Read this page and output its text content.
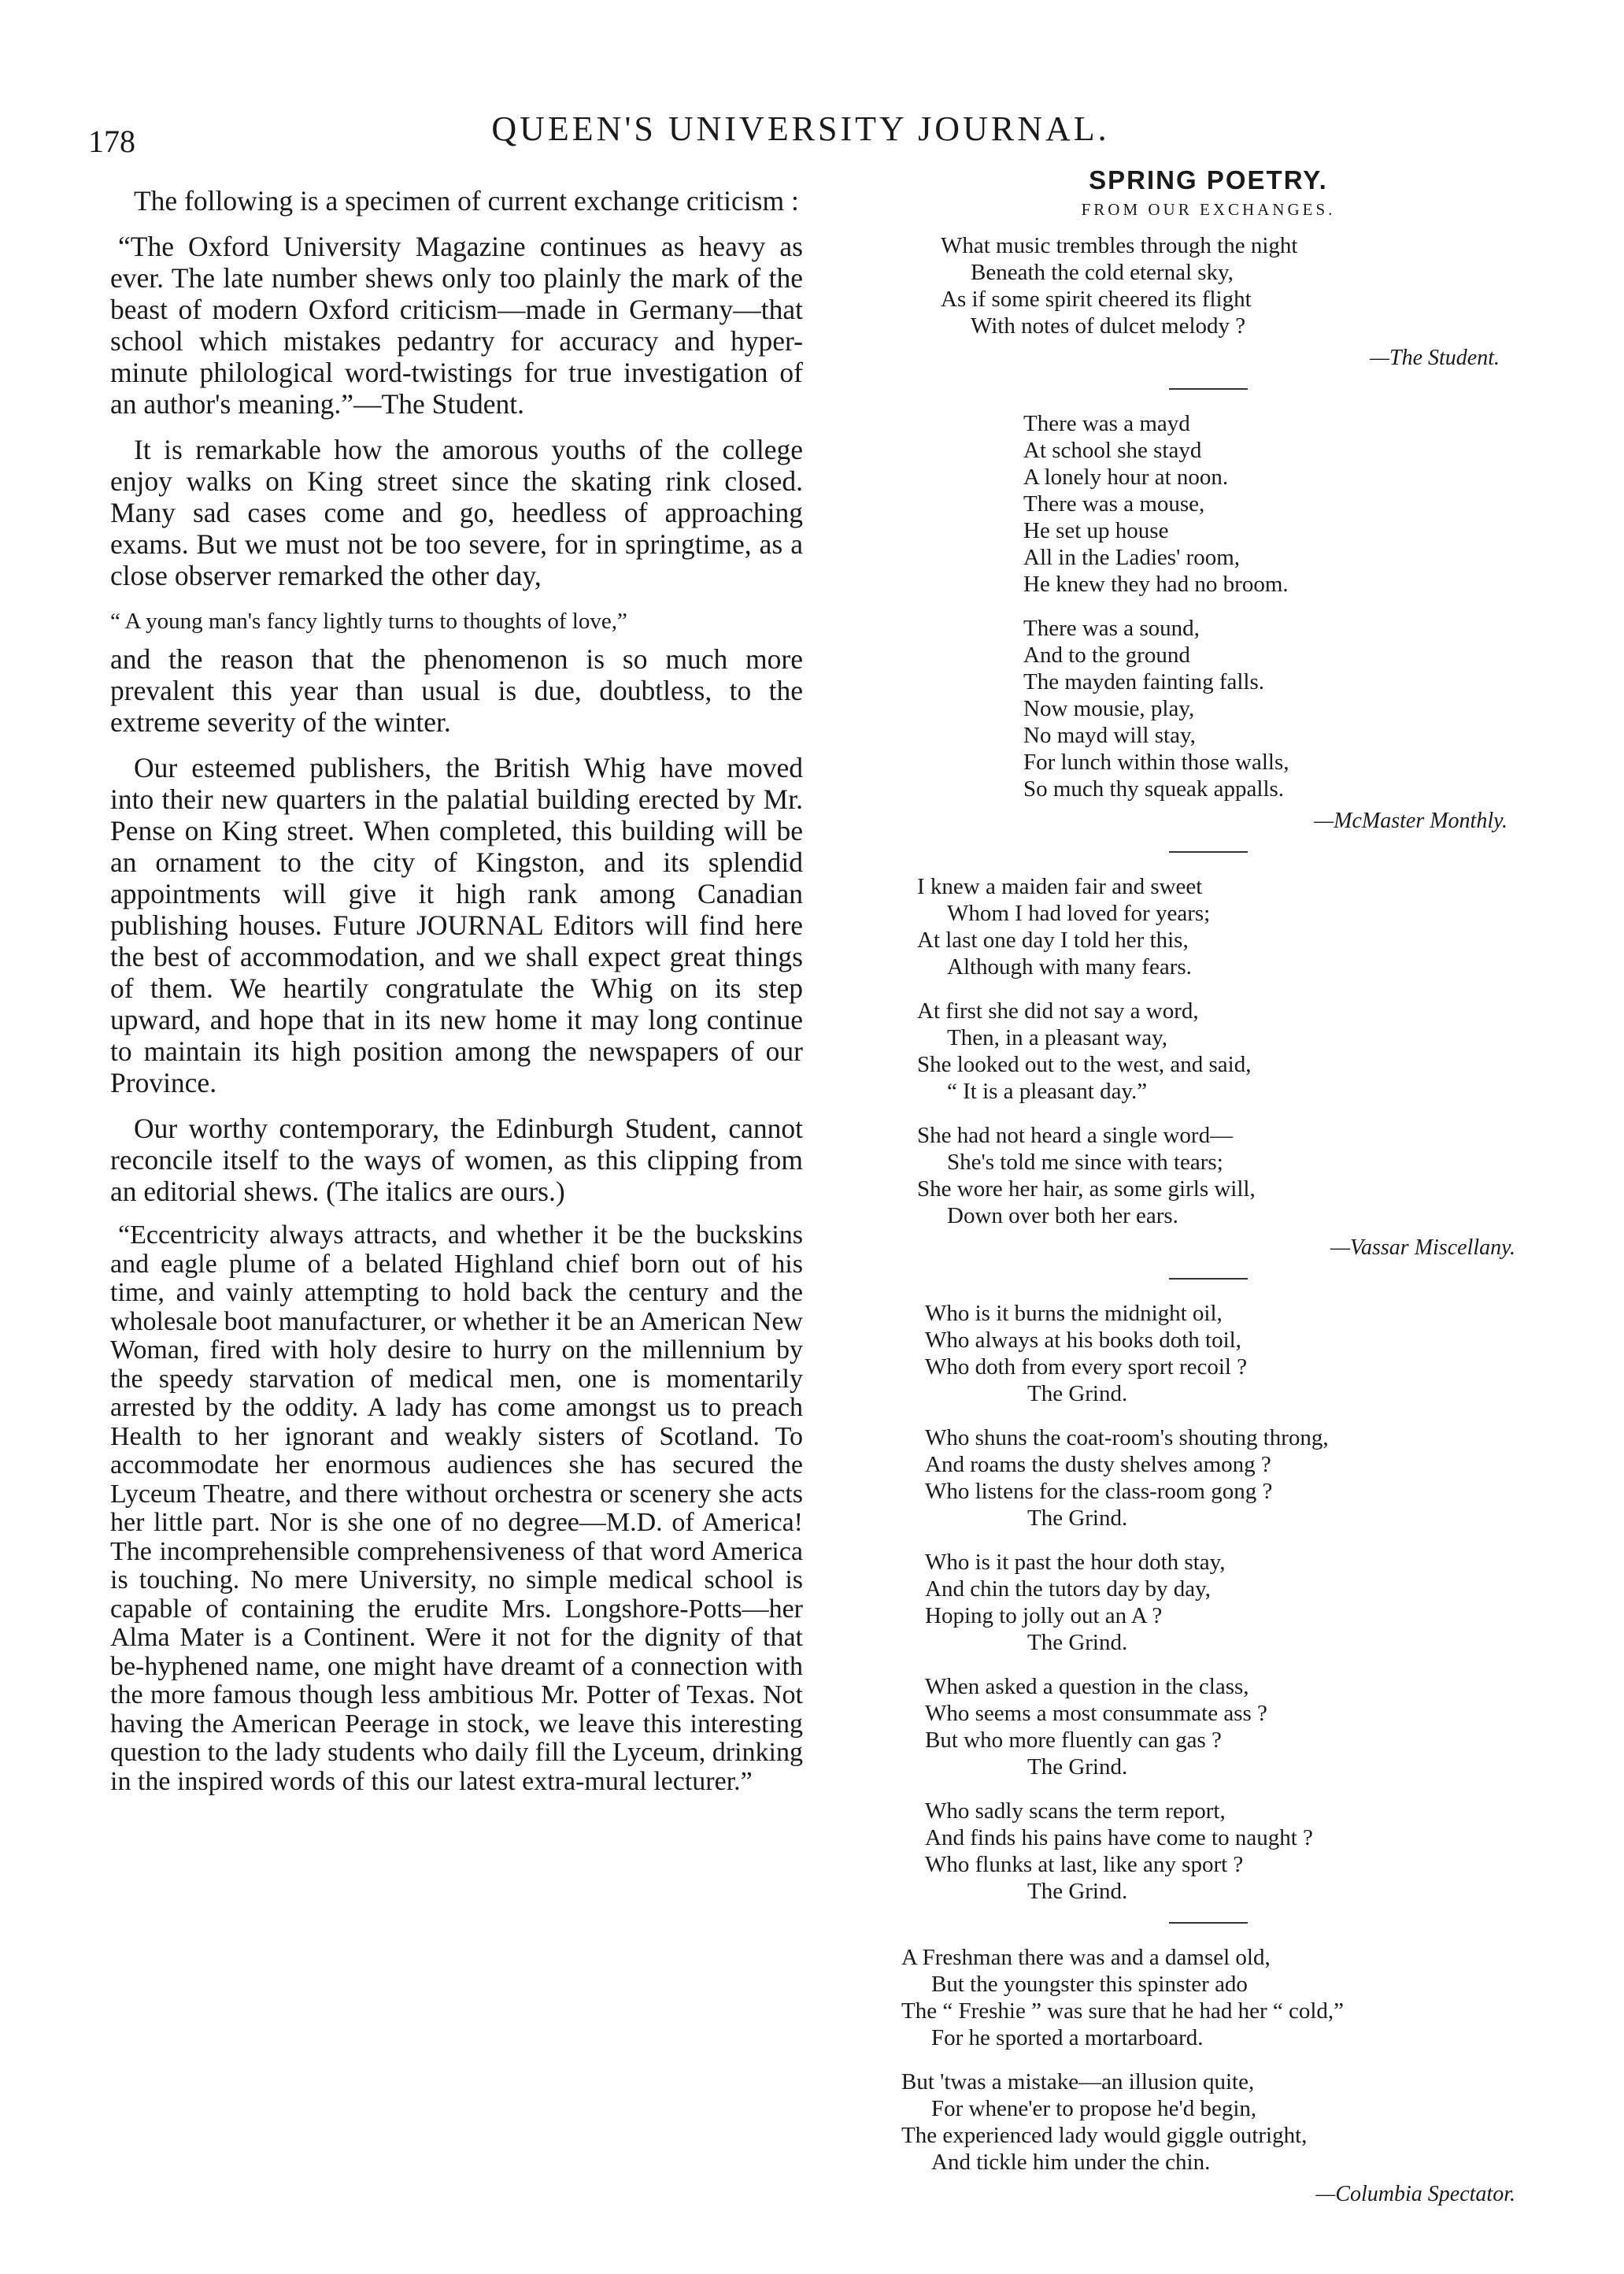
178	QUEEN'S UNIVERSITY JOURNAL.

The following is a specimen of current exchange criticism :

“The Oxford University Magazine continues as heavy as ever. The late number shews only too plainly the mark of the beast of modern Oxford criticism—made in Germany—that school which mistakes pedantry for accuracy and hyper-minute philological word-twistings for true investigation of an author's meaning.”—The Student.

It is remarkable how the amorous youths of the college enjoy walks on King street since the skating rink closed. Many sad cases come and go, heedless of approaching exams. But we must not be too severe, for in springtime, as a close observer remarked the other day,

“ A young man's fancy lightly turns to thoughts of love,”

and the reason that the phenomenon is so much more prevalent this year than usual is due, doubtless, to the extreme severity of the winter.

Our esteemed publishers, the British Whig have moved into their new quarters in the palatial building erected by Mr. Pense on King street. When completed, this building will be an ornament to the city of Kingston, and its splendid appointments will give it high rank among Canadian publishing houses. Future JOURNAL Editors will find here the best of accommodation, and we shall expect great things of them. We heartily congratulate the Whig on its step upward, and hope that in its new home it may long continue to maintain its high position among the newspapers of our Province.

Our worthy contemporary, the Edinburgh Student, cannot reconcile itself to the ways of women, as this clipping from an editorial shews. (The italics are ours.)

“Eccentricity always attracts, and whether it be the buckskins and eagle plume of a belated Highland chief born out of his time, and vainly attempting to hold back the century and the wholesale boot manufacturer, or whether it be an American New Woman, fired with holy desire to hurry on the millennium by the speedy starvation of medical men, one is momentarily arrested by the oddity. A lady has come amongst us to preach Health to her ignorant and weakly sisters of Scotland. To accommodate her enormous audiences she has secured the Lyceum Theatre, and there without orchestra or scenery she acts her little part. Nor is she one of no degree—M.D. of America! The incomprehensible comprehensiveness of that word America is touching. No mere University, no simple medical school is capable of containing the erudite Mrs. Longshore-Potts—her Alma Mater is a Continent. Were it not for the dignity of that be-hyphened name, one might have dreamt of a connection with the more famous though less ambitious Mr. Potter of Texas. Not having the American Peerage in stock, we leave this interesting question to the lady students who daily fill the Lyceum, drinking in the inspired words of this our latest extra-mural lecturer.”

SPRING POETRY.
FROM OUR EXCHANGES.
What music trembles through the night
Beneath the cold eternal sky,
As if some spirit cheered its flight
With notes of dulcet melody ?
—The Student.
There was a mayd
At school she stayd
A lonely hour at noon.
There was a mouse,
He set up house
All in the Ladies' room,
He knew they had no broom.
There was a sound,
And to the ground
The mayden fainting falls.
Now mousie, play,
No mayd will stay,
For lunch within those walls,
So much thy squeak appalls.
—McMaster Monthly.
I knew a maiden fair and sweet
Whom I had loved for years;
At last one day I told her this,
Although with many fears.
At first she did not say a word,
Then, in a pleasant way,
She looked out to the west, and said,
“ It is a pleasant day.”
She had not heard a single word—
She's told me since with tears;
She wore her hair, as some girls will,
Down over both her ears.
—Vassar Miscellany.
Who is it burns the midnight oil,
Who always at his books doth toil,
Who doth from every sport recoil ?
The Grind.
Who shuns the coat-room's shouting throng,
And roams the dusty shelves among ?
Who listens for the class-room gong ?
The Grind.
Who is it past the hour doth stay,
And chin the tutors day by day,
Hoping to jolly out an A ?
The Grind.
When asked a question in the class,
Who seems a most consummate ass ?
But who more fluently can gas ?
The Grind.
Who sadly scans the term report,
And finds his pains have come to naught ?
Who flunks at last, like any sport ?
The Grind.
A Freshman there was and a damsel old,
But the youngster this spinster ado
The “ Freshie ” was sure that he had her “ cold,”
For he sported a mortarboard.
But 'twas a mistake—an illusion quite,
For whene'er to propose he'd begin,
The experienced lady would giggle outright,
And tickle him under the chin.
—Columbia Spectator.
